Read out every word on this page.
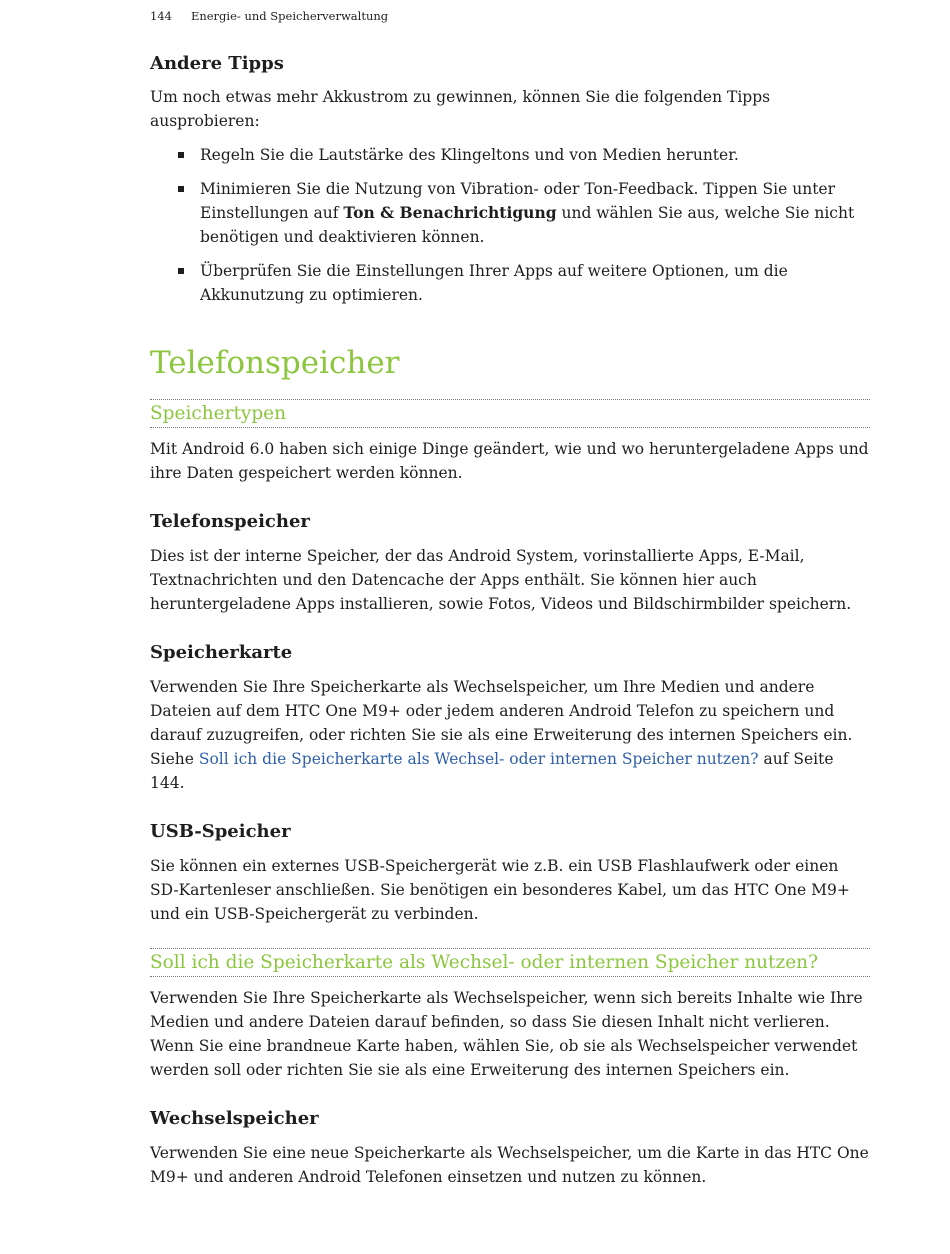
144 Energie- und Speicherverwaltung
Andere Tipps

Um noch etwas mehr Akkustrom zu gewinnen, können Sie die folgenden Tipps ausprobieren:

Regeln Sie die Lautstärke des Klingeltons und von Medien herunter.
Minimieren Sie die Nutzung von Vibration- oder Ton-Feedback. Tippen Sie unter Einstellungen auf Ton & Benachrichtigung und wählen Sie aus, welche Sie nicht benötigen und deaktivieren können.
Überprüfen Sie die Einstellungen Ihrer Apps auf weitere Optionen, um die Akkunutzung zu optimieren.
Telefonspeicher
Speichertypen

Mit Android 6.0 haben sich einige Dinge geändert, wie und wo heruntergeladene Apps und ihre Daten gespeichert werden können.

Telefonspeicher

Dies ist der interne Speicher, der das Android System, vorinstallierte Apps, E-Mail, Textnachrichten und den Datencache der Apps enthält. Sie können hier auch heruntergeladene Apps installieren, sowie Fotos, Videos und Bildschirmbilder speichern.

Speicherkarte

Verwenden Sie Ihre Speicherkarte als Wechselspeicher, um Ihre Medien und andere Dateien auf dem HTC One M9+ oder jedem anderen Android Telefon zu speichern und darauf zuzugreifen, oder richten Sie sie als eine Erweiterung des internen Speichers ein. Siehe Soll ich die Speicherkarte als Wechsel- oder internen Speicher nutzen? auf Seite 144.

USB-Speicher

Sie können ein externes USB-Speichergerät wie z.B. ein USB Flashlaufwerk oder einen SD-Kartenleser anschließen. Sie benötigen ein besonderes Kabel, um das HTC One M9+ und ein USB-Speichergerät zu verbinden.

Soll ich die Speicherkarte als Wechsel- oder internen Speicher nutzen?

Verwenden Sie Ihre Speicherkarte als Wechselspeicher, wenn sich bereits Inhalte wie Ihre Medien und andere Dateien darauf befinden, so dass Sie diesen Inhalt nicht verlieren. Wenn Sie eine brandneue Karte haben, wählen Sie, ob sie als Wechselspeicher verwendet werden soll oder richten Sie sie als eine Erweiterung des internen Speichers ein.

Wechselspeicher

Verwenden Sie eine neue Speicherkarte als Wechselspeicher, um die Karte in das HTC One M9+ und anderen Android Telefonen einsetzen und nutzen zu können.
